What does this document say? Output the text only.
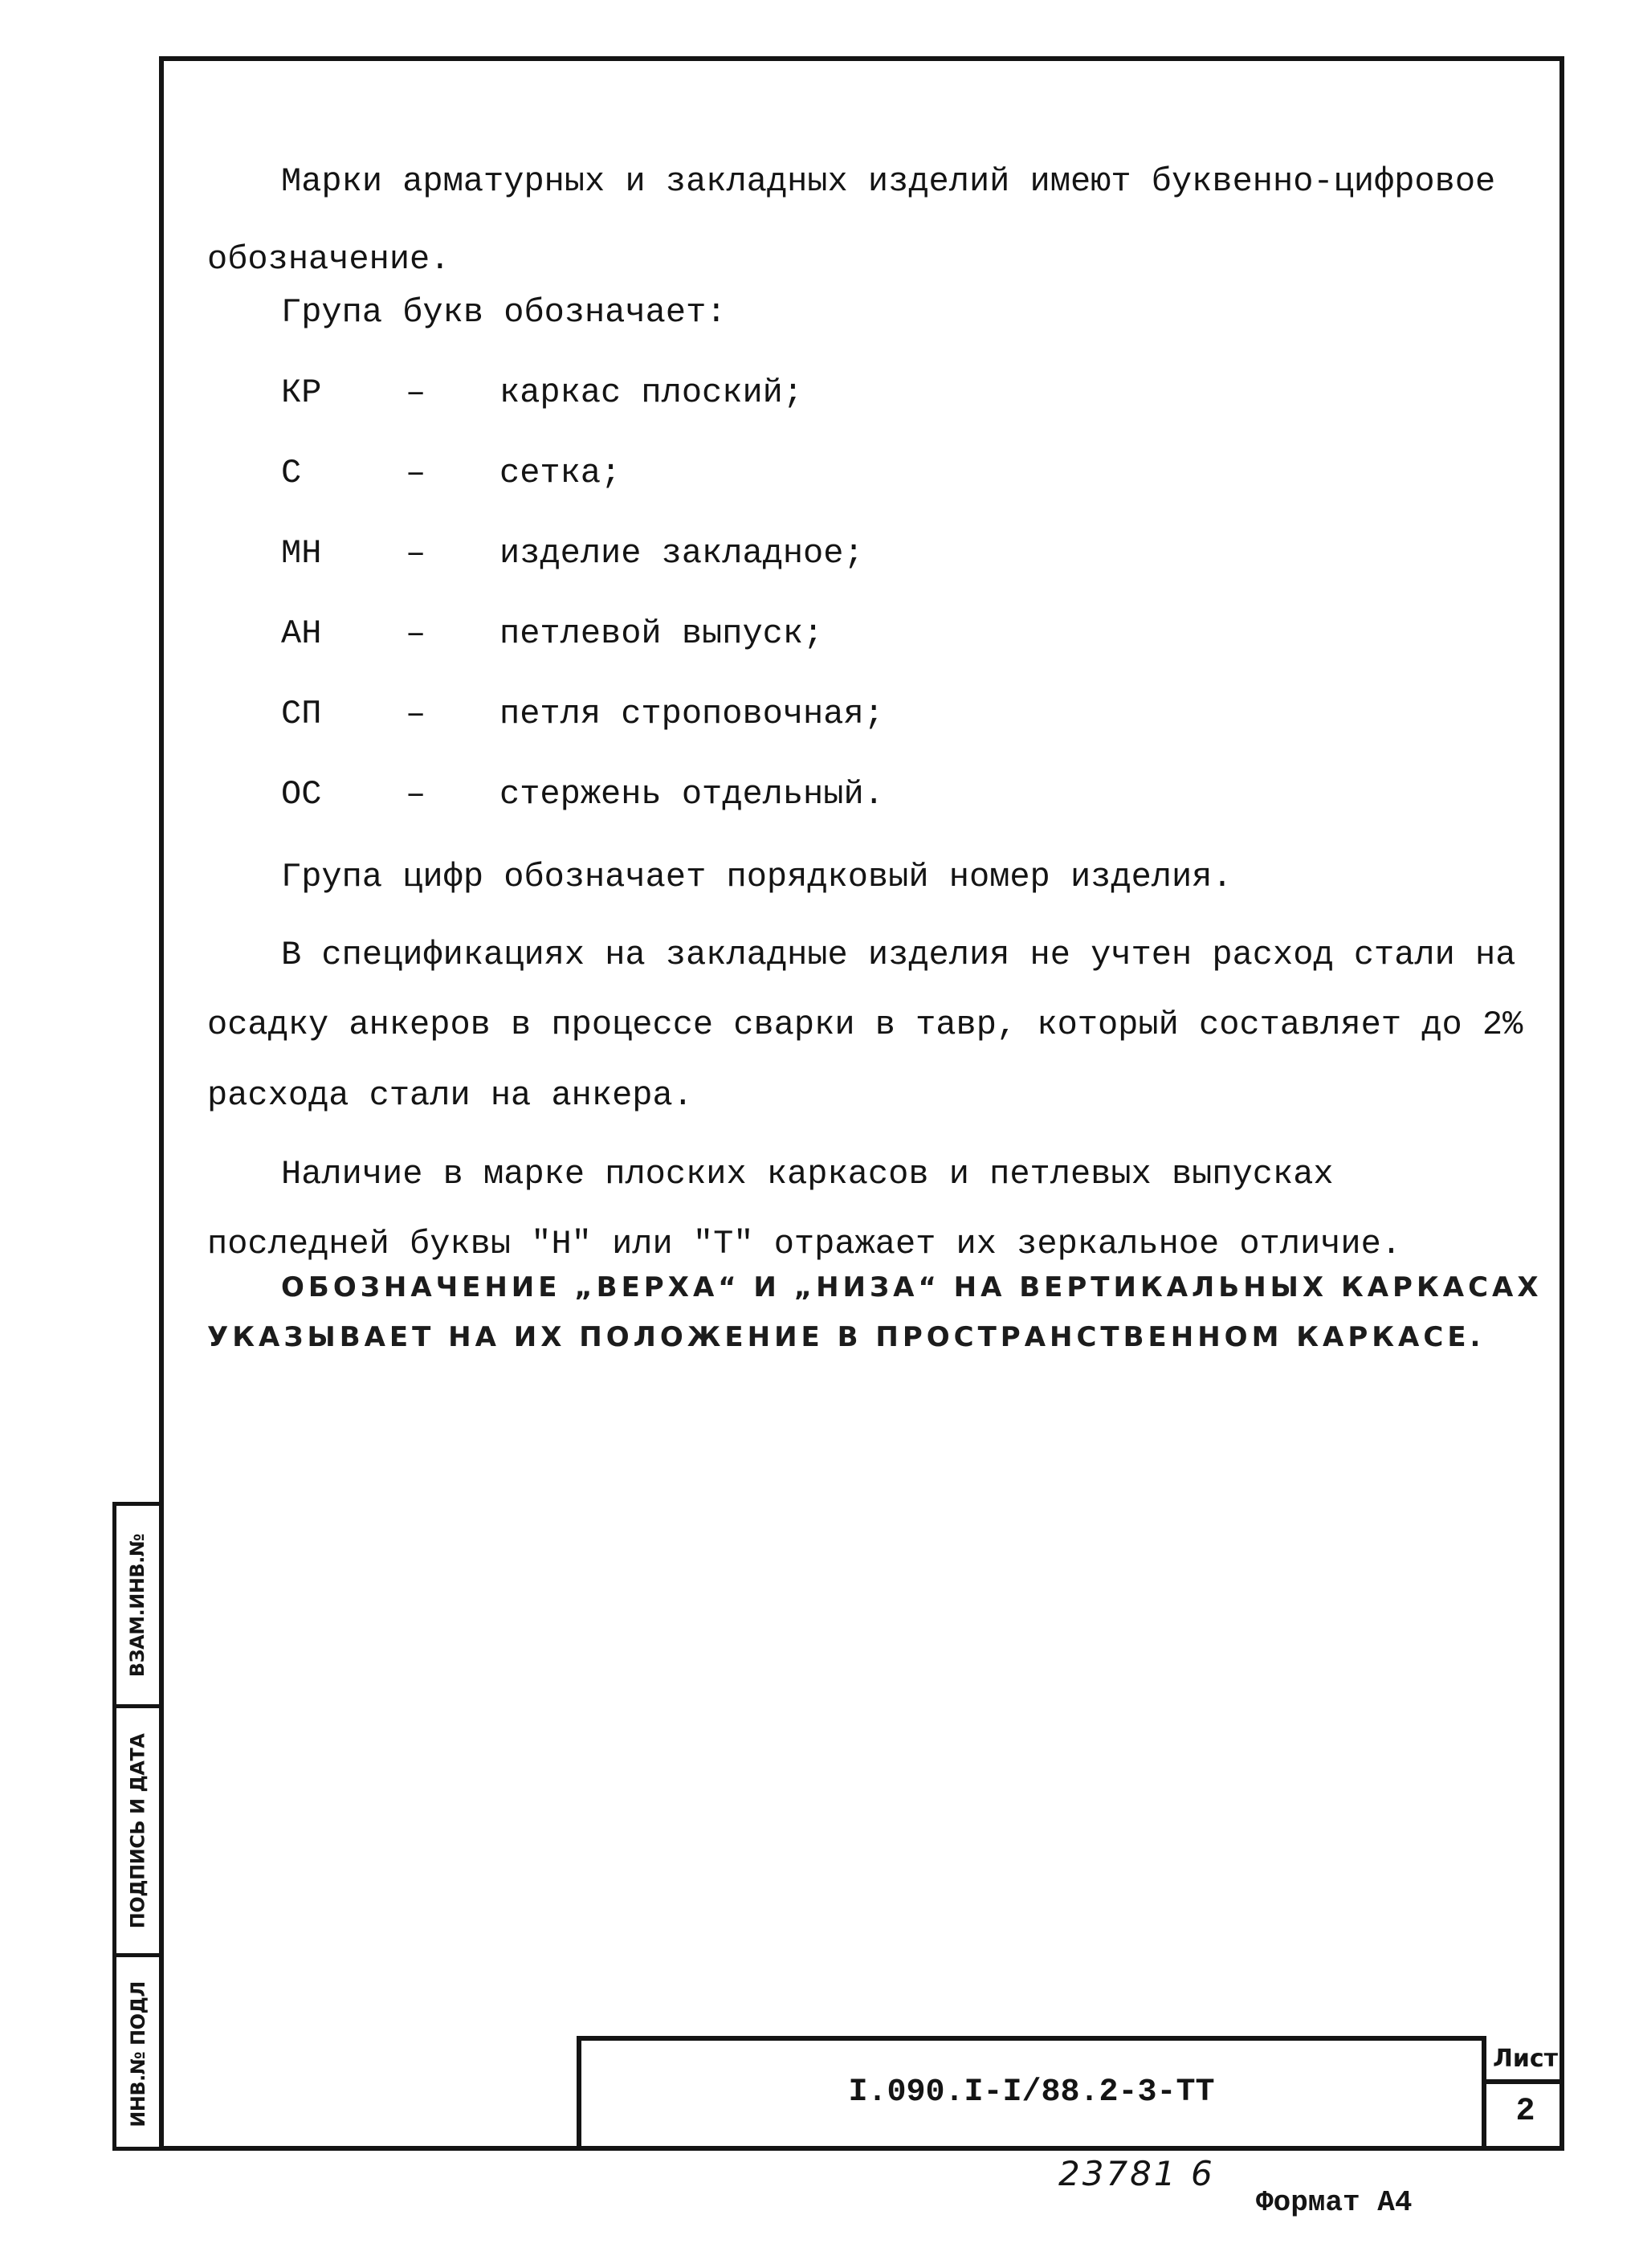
ВЗАМ.ИНВ.№
ПОДПИСЬ И ДАТА
ИНВ.№ ПОДЛ
Марки арматурных и закладных изделий имеют буквенно-цифровое
обозначение.
Група букв обозначает:
КР – каркас плоский;
С	– сетка;
МН – изделие закладное;
АН – петлевой выпуск;
СП – петля строповочная;
ОС – стержень отдельный.
Група цифр обозначает порядковый номер изделия.
В спецификациях на закладные изделия не учтен расход стали на
осадку анкеров в процессе сварки в тавр, который составляет до 2%
расхода стали на анкера.
Наличие в марке плоских каркасов и петлевых выпусках
последней буквы "Н" или "Т" отражает их зеркальное отличие.
ОБОЗНАЧЕНИЕ „ВЕРХА“ И „НИЗА“ НА ВЕРТИКАЛЬНЫХ КАРКАСАХ
УКАЗЫВАЕТ НА ИХ ПОЛОЖЕНИЕ В ПРОСТРАНСТВЕННОМ КАРКАСЕ.
I.090.I-I/88.2-3-ТТ
Лист
2
23781 6
Формат А4
